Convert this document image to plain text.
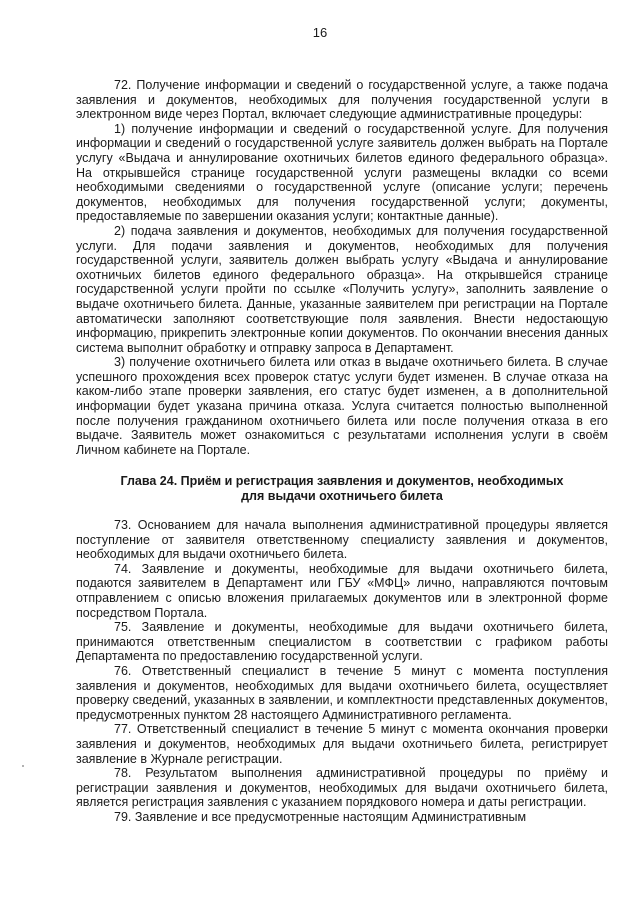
16

72. Получение информации и сведений о государственной услуге, а также подача заявления и документов, необходимых для получения государственной услуги в электронном виде через Портал, включает следующие административные процедуры:

1) получение информации и сведений о государственной услуге. Для получения информации и сведений о государственной услуге заявитель должен выбрать на Портале услугу «Выдача и аннулирование охотничьих билетов единого федерального образца». На открывшейся странице государственной услуги размещены вкладки со всеми необходимыми сведениями о государственной услуге (описание услуги; перечень документов, необходимых для получения государственной услуги; документы, предоставляемые по завершении оказания услуги; контактные данные).

2) подача заявления и документов, необходимых для получения государственной услуги. Для подачи заявления и документов, необходимых для получения государственной услуги, заявитель должен выбрать услугу «Выдача и аннулирование охотничьих билетов единого федерального образца». На открывшейся странице государственной услуги пройти по ссылке «Получить услугу», заполнить заявление о выдаче охотничьего билета. Данные, указанные заявителем при регистрации на Портале автоматически заполняют соответствующие поля заявления. Внести недостающую информацию, прикрепить электронные копии документов. По окончании внесения данных система выполнит обработку и отправку запроса в Департамент.

3) получение охотничьего билета или отказ в выдаче охотничьего билета. В случае успешного прохождения всех проверок статус услуги будет изменен. В случае отказа на каком-либо этапе проверки заявления, его статус будет изменен, а в дополнительной информации будет указана причина отказа. Услуга считается полностью выполненной после получения гражданином охотничьего билета или после получения отказа в его выдаче. Заявитель может ознакомиться с результатами исполнения услуги в своём Личном кабинете на Портале.

Глава 24. Приём и регистрация заявления и документов, необходимых
для выдачи охотничьего билета

73. Основанием для начала выполнения административной процедуры является поступление от заявителя ответственному специалисту заявления и документов, необходимых для выдачи охотничьего билета.

74. Заявление и документы, необходимые для выдачи охотничьего билета, подаются заявителем в Департамент или ГБУ «МФЦ» лично, направляются почтовым отправлением с описью вложения прилагаемых документов или в электронной форме посредством Портала.

75. Заявление и документы, необходимые для выдачи охотничьего билета, принимаются ответственным специалистом в соответствии с графиком работы Департамента по предоставлению государственной услуги.

76. Ответственный специалист в течение 5 минут с момента поступления заявления и документов, необходимых для выдачи охотничьего билета, осуществляет проверку сведений, указанных в заявлении, и комплектности представленных документов, предусмотренных пунктом 28 настоящего Административного регламента.

77. Ответственный специалист в течение 5 минут с момента окончания проверки заявления и документов, необходимых для выдачи охотничьего билета, регистрирует заявление в Журнале регистрации.

78. Результатом выполнения административной процедуры по приёму и регистрации заявления и документов, необходимых для выдачи охотничьего билета, является регистрация заявления с указанием порядкового номера и даты регистрации.

79. Заявление и все предусмотренные настоящим Административным
